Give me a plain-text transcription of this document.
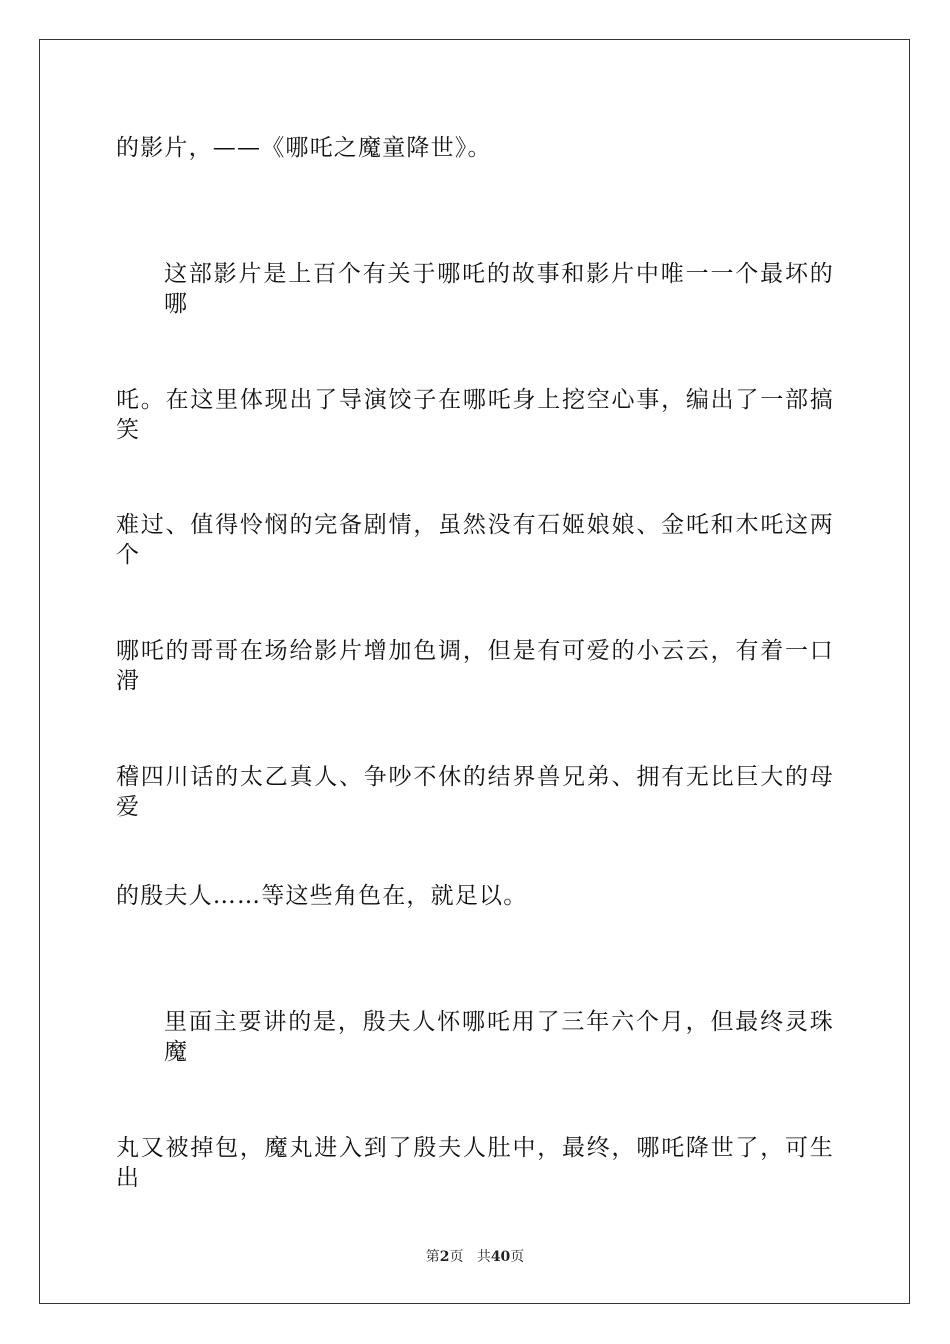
的影片，——《哪吒之魔童降世》。
这部影片是上百个有关于哪吒的故事和影片中唯一一个最坏的哪
吒。在这里体现出了导演饺子在哪吒身上挖空心事，编出了一部搞笑
难过、值得怜悯的完备剧情，虽然没有石姬娘娘、金吒和木吒这两个
哪吒的哥哥在场给影片增加色调，但是有可爱的小云云，有着一口滑
稽四川话的太乙真人、争吵不休的结界兽兄弟、拥有无比巨大的母爱
的殷夫人……等这些角色在，就足以。
里面主要讲的是，殷夫人怀哪吒用了三年六个月，但最终灵珠魔
丸又被掉包，魔丸进入到了殷夫人肚中，最终，哪吒降世了，可生出
第2页 共40页
